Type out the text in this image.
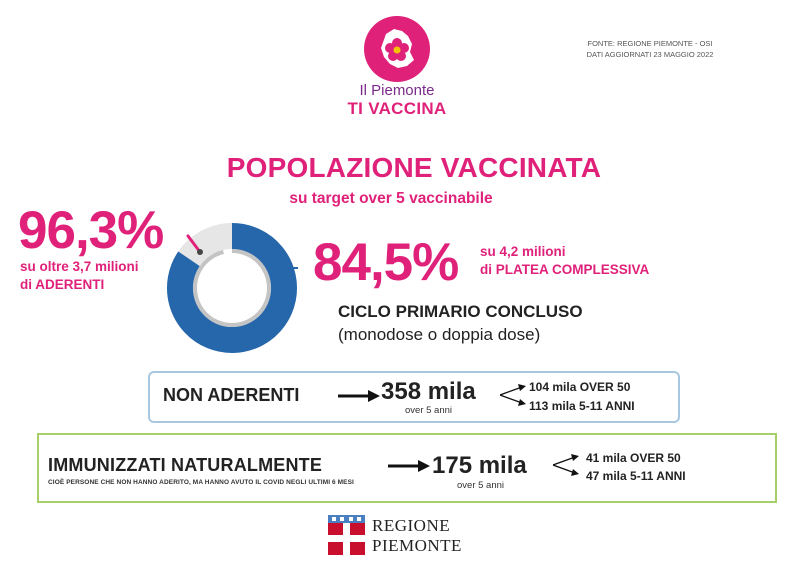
Il Piemonte
TI VACCINA
FONTE: REGIONE PIEMONTE - OSI
DATI AGGIORNATI 23 MAGGIO 2022
POPOLAZIONE VACCINATA
su target over 5 vaccinabile
96,3%
su oltre 3,7 milioni
di ADERENTI	84,5% su 4,2 milioni
di PLATEA COMPLESSIVA
CICLO PRIMARIO CONCLUSO
(monodose o doppia dose)
NON ADERENTI	358 mila
over 5 anni
104 mila OVER 50
113 mila 5-11 ANNI
IMMUNIZZATI NATURALMENTE
CIOÈ PERSONE CHE NON HANNO ADERITO, MA HANNO AVUTO IL COVID NEGLI ULTIMI 6 MESI
175 mila
over 5 anni
41 mila OVER 50
47 mila 5-11 ANNI
REGIONE
PIEMONTE
